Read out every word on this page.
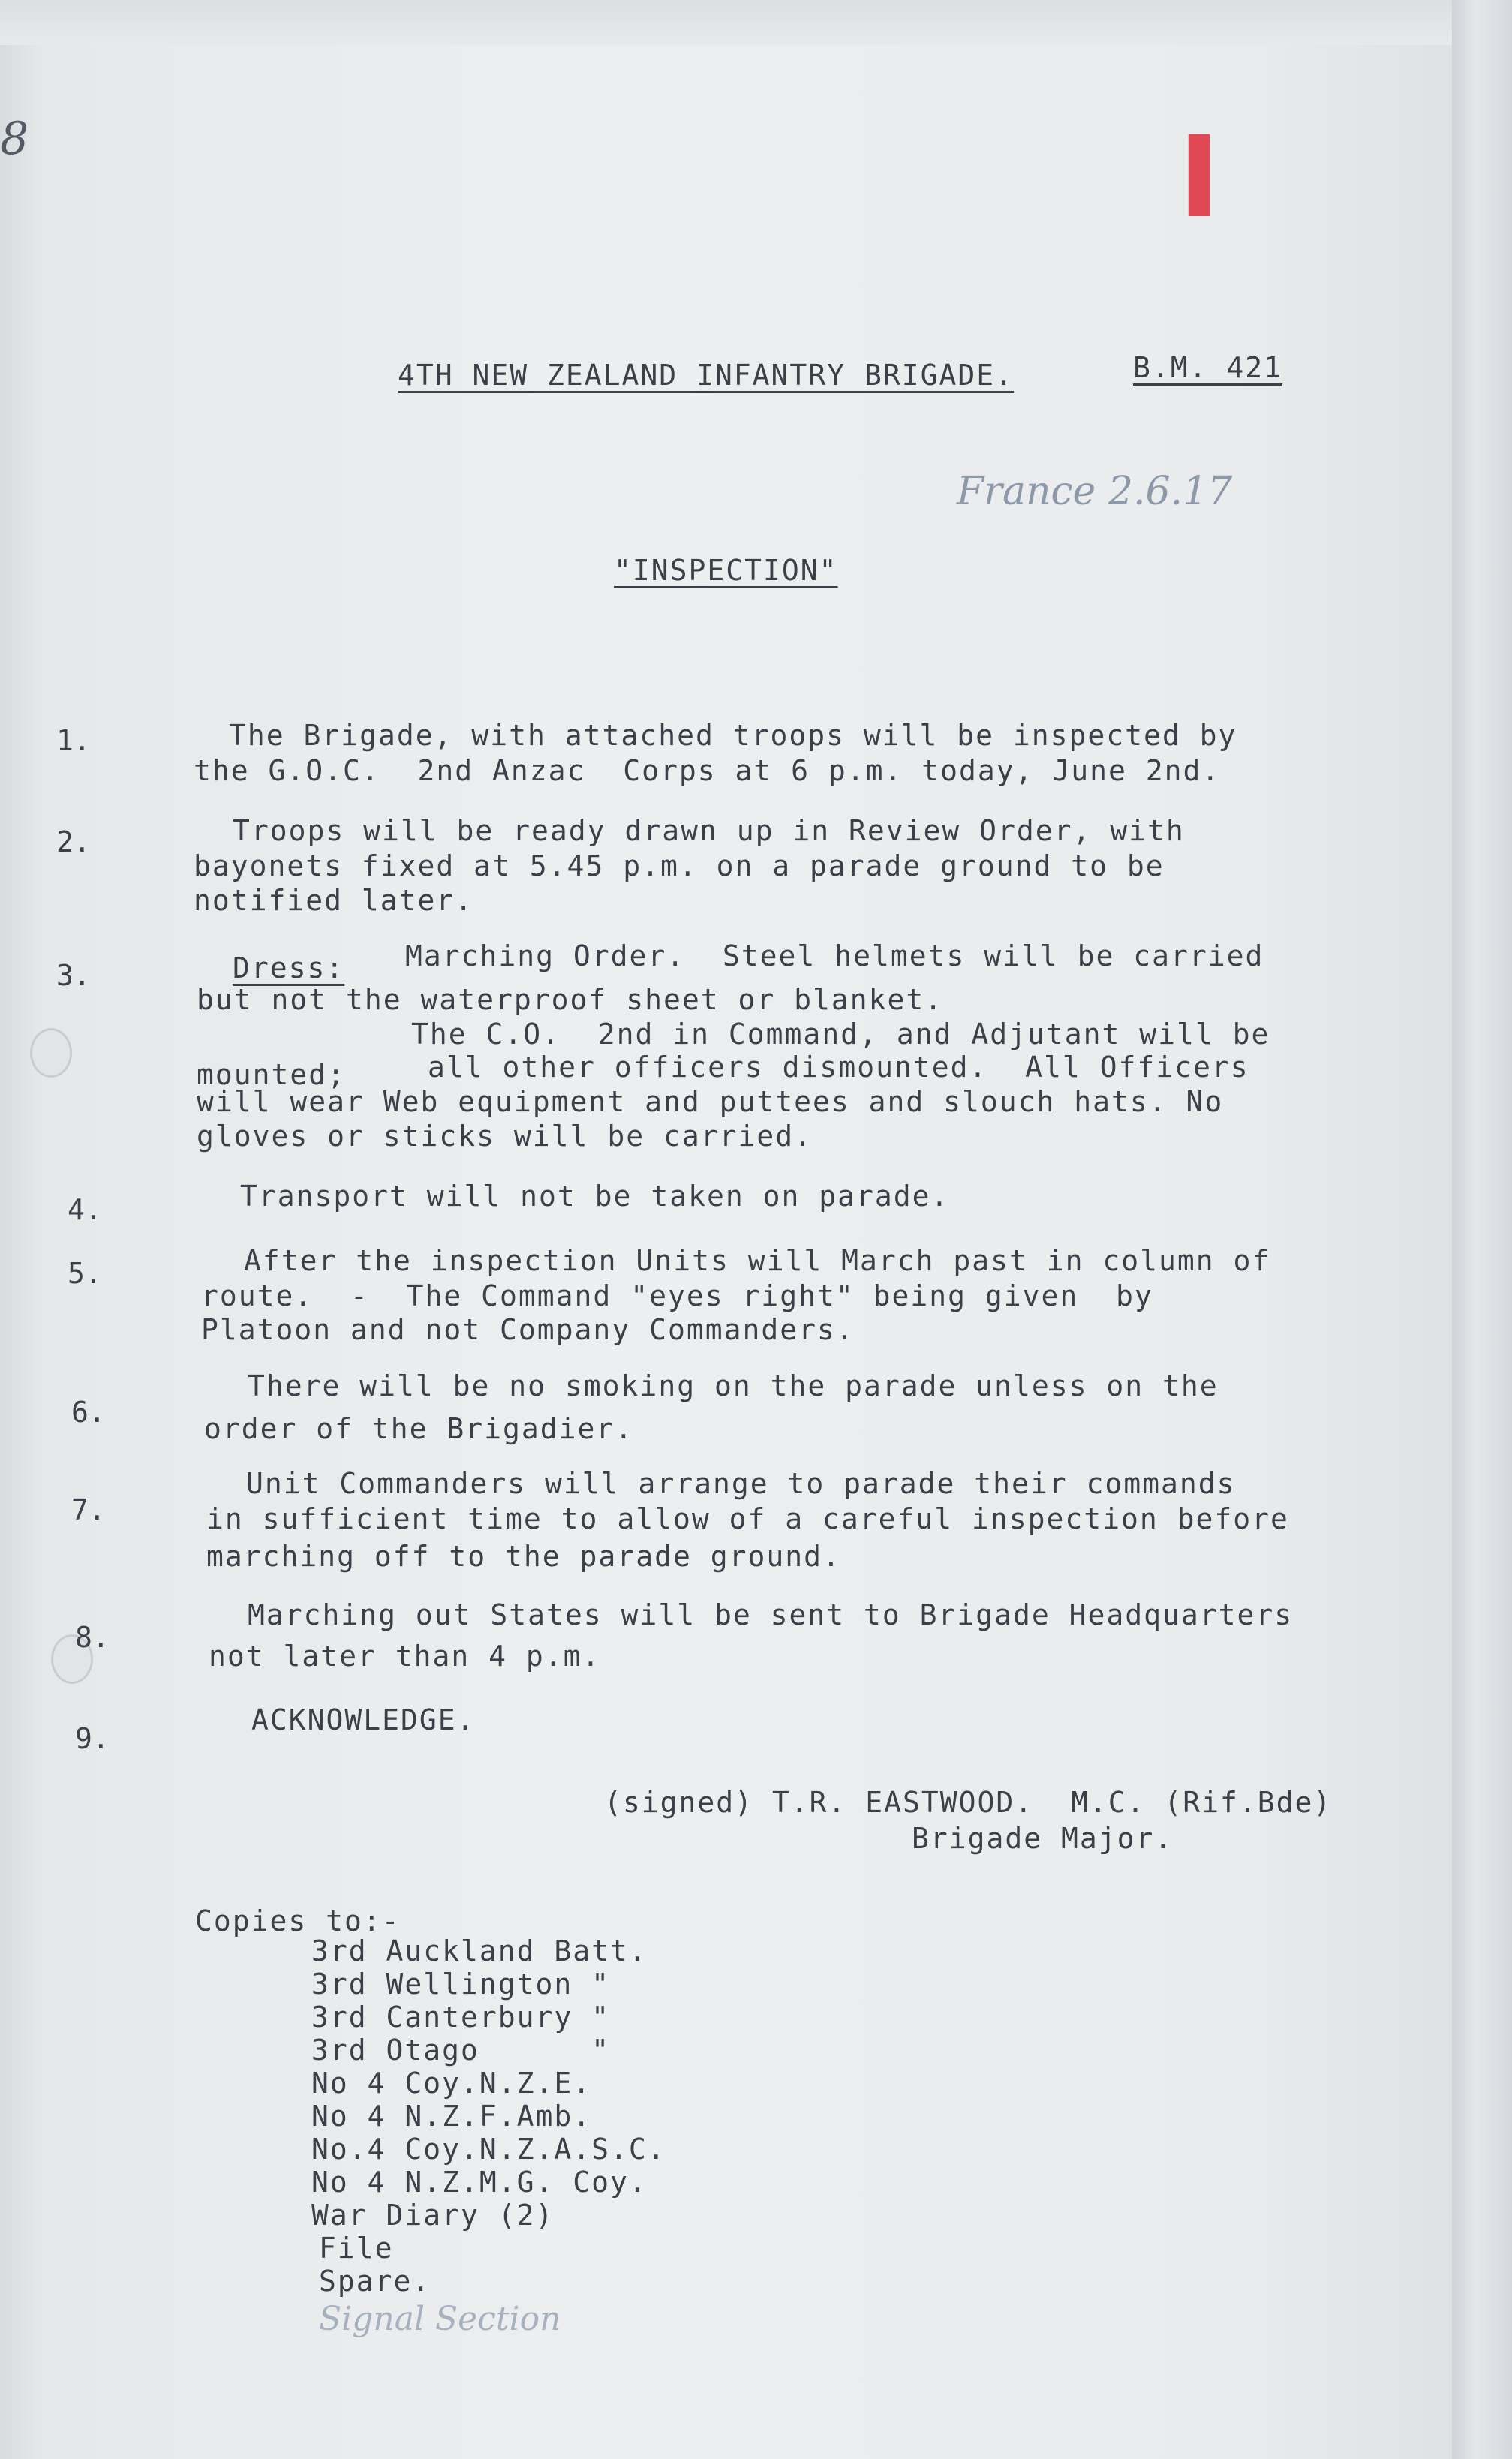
8	I
4TH NEW ZEALAND INFANTRY BRIGADE.	B.M. 421
France 2.6.17
"INSPECTION"
1.	The Brigade, with attached troops will be inspected by
the G.O.C.  2nd Anzac  Corps at 6 p.m. today, June 2nd.
2.	Troops will be ready drawn up in Review Order, with
bayonets fixed at 5.45 p.m. on a parade ground to be
notified later.
3.	Dress: Marching Order.  Steel helmets will be carried
but not the waterproof sheet or blanket.
The C.O.  2nd in Command, and Adjutant will be
mounted;	all other officers dismounted.  All Officers
will wear Web equipment and puttees and slouch hats. No
gloves or sticks will be carried.
4.	Transport will not be taken on parade.
5.	After the inspection Units will March past in column of
route.  -  The Command "eyes right" being given  by
Platoon and not Company Commanders.
6.
There will be no smoking on the parade unless on the
order of the Brigadier.
7.
Unit Commanders will arrange to parade their commands
in sufficient time to allow of a careful inspection before
marching off to the parade ground.
8.
Marching out States will be sent to Brigade Headquarters
not later than 4 p.m.
9.
ACKNOWLEDGE.
(signed) T.R. EASTWOOD.  M.C. (Rif.Bde)
Brigade Major.
Copies to:-
3rd Auckland Batt.
3rd Wellington "
3rd Canterbury "
3rd Otago      "
No 4 Coy.N.Z.E.
No 4 N.Z.F.Amb.
No.4 Coy.N.Z.A.S.C.
No 4 N.Z.M.G. Coy.
War Diary (2)
File
Spare.
Signal Section
